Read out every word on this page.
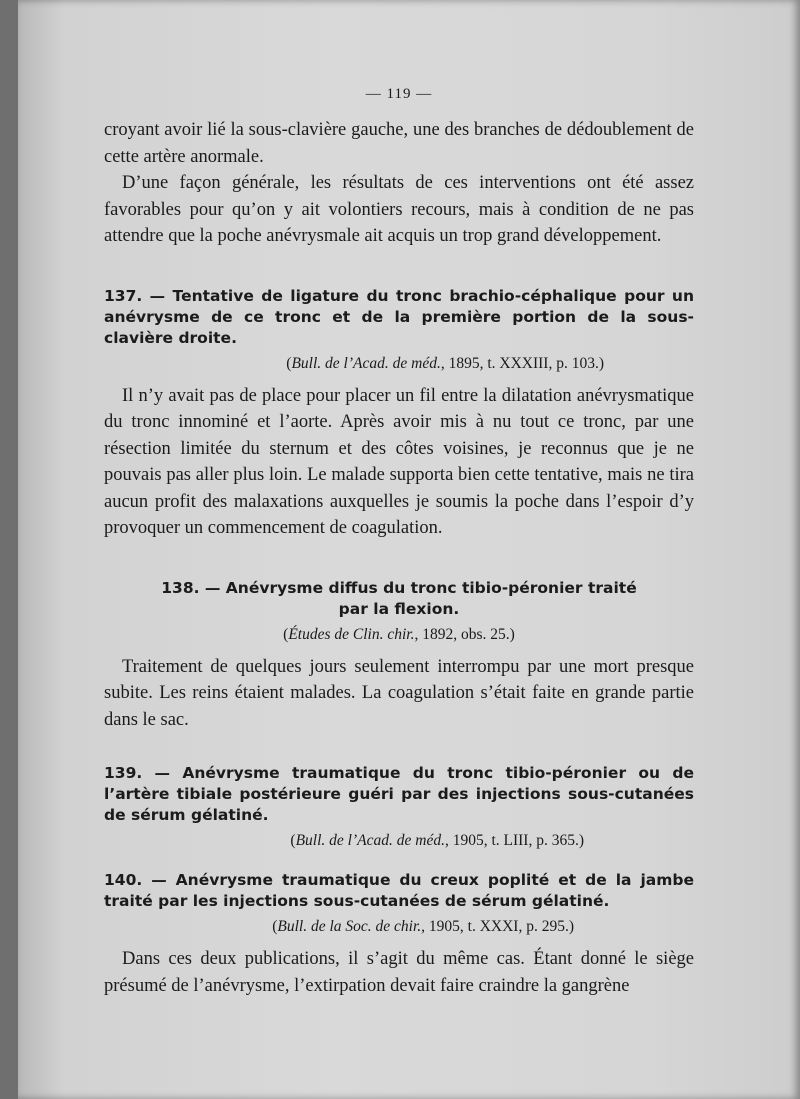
— 119 —

croyant avoir lié la sous-clavière gauche, une des branches de dédoublement de cette artère anormale.

D’une façon générale, les résultats de ces interventions ont été assez favorables pour qu’on y ait volontiers recours, mais à condition de ne pas attendre que la poche anévrysmale ait acquis un trop grand développement.

137. — Tentative de ligature du tronc brachio-céphalique pour un anévrysme de ce tronc et de la première portion de la sous-clavière droite.

(Bull. de l’Acad. de méd., 1895, t. XXXIII, p. 103.)

Il n’y avait pas de place pour placer un fil entre la dilatation anévrysmatique du tronc innominé et l’aorte. Après avoir mis à nu tout ce tronc, par une résection limitée du sternum et des côtes voisines, je reconnus que je ne pouvais pas aller plus loin. Le malade supporta bien cette tentative, mais ne tira aucun profit des malaxations auxquelles je soumis la poche dans l’espoir d’y provoquer un commencement de coagulation.

138. — Anévrysme diffus du tronc tibio-péronier traité par la flexion.

(Études de Clin. chir., 1892, obs. 25.)

Traitement de quelques jours seulement interrompu par une mort presque subite. Les reins étaient malades. La coagulation s’était faite en grande partie dans le sac.

139. — Anévrysme traumatique du tronc tibio-péronier ou de l’artère tibiale postérieure guéri par des injections sous-cutanées de sérum gélatiné.

(Bull. de l’Acad. de méd., 1905, t. LIII, p. 365.)

140. — Anévrysme traumatique du creux poplité et de la jambe traité par les injections sous-cutanées de sérum gélatiné.

(Bull. de la Soc. de chir., 1905, t. XXXI, p. 295.)

Dans ces deux publications, il s’agit du même cas. Étant donné le siège présumé de l’anévrysme, l’extirpation devait faire craindre la gangrène
